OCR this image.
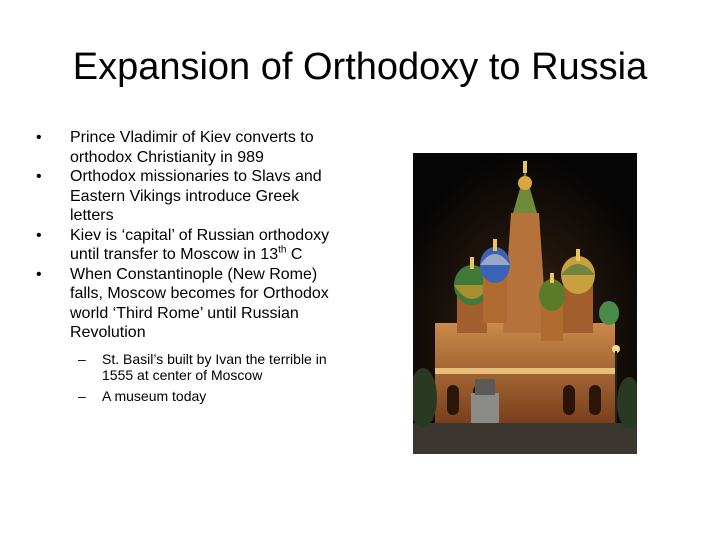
Expansion of Orthodoxy to Russia
• Prince Vladimir of Kiev converts to orthodox Christianity in 989
• Orthodox missionaries to Slavs and Eastern Vikings introduce Greek letters
• Kiev is ‘capital’ of Russian orthodoxy until transfer to Moscow in 13th C
• When Constantinople (New Rome) falls, Moscow becomes for Orthodox world ‘Third Rome’ until Russian Revolution
– St. Basil’s built by Ivan the terrible in 1555 at center of Moscow
– A museum today
